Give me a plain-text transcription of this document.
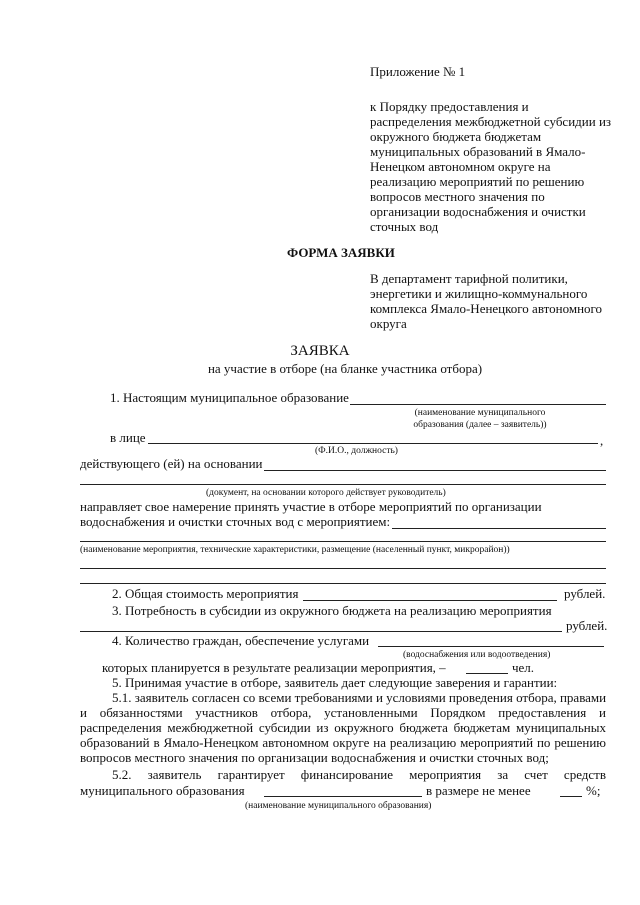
Приложение № 1
к Порядку предоставления и
распределения межбюджетной субсидии из
окружного бюджета бюджетам
муниципальных образований в Ямало-
Ненецком автономном округе на
реализацию мероприятий по решению
вопросов местного значения по
организации водоснабжения и очистки
сточных вод
ФОРМА ЗАЯВКИ
В департамент тарифной политики,
энергетики и жилищно-коммунального
комплекса Ямало-Ненецкого автономного
округа
ЗАЯВКА
на участие в отборе (на бланке участника отбора)
1. Настоящим муниципальное образование
(наименование муниципального
образования (далее – заявитель))
в лице	,
(Ф.И.О., должность)
действующего (ей) на основании
(документ, на основании которого действует руководитель)
направляет свое намерение принять участие в отборе мероприятий по организации
водоснабжения и очистки сточных вод с мероприятием:
(наименование мероприятия, технические характеристики, размещение (населенный пункт, микрорайон))
2. Общая стоимость мероприятия	рублей.
3. Потребность в субсидии из окружного бюджета на реализацию мероприятия
рублей.
4. Количество граждан, обеспечение услугами
(водоснабжения или водоотведения)
которых планируется в результате реализации мероприятия, –	чел.
5. Принимая участие в отборе, заявитель дает следующие заверения и гарантии:
5.1. заявитель согласен со всеми требованиями и условиями проведения отбора, правами
и обязанностями участников отбора, установленными Порядком предоставления и
распределения межбюджетной субсидии из окружного бюджета бюджетам муниципальных
образований в Ямало-Ненецком автономном округе на реализацию мероприятий по решению
вопросов местного значения по организации водоснабжения и очистки сточных вод;
5.2. заявитель гарантирует финансирование мероприятия за счет средств
муниципального образования	в размере не менее	%;
(наименование муниципального образования)
